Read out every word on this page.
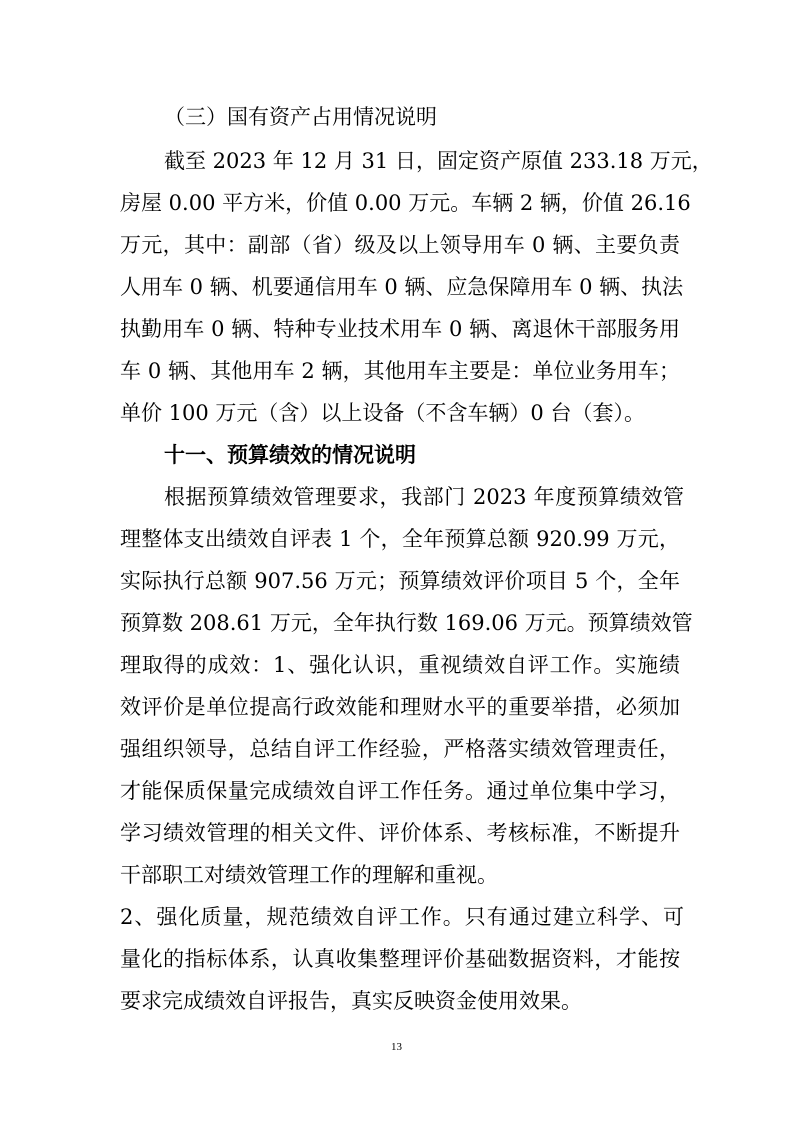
（三）国有资产占用情况说明
截至 2023 年 12 月 31 日，固定资产原值 233.18 万元，
房屋 0.00 平方米，价值 0.00 万元。车辆 2 辆，价值 26.16
万元，其中：副部（省）级及以上领导用车 0 辆、主要负责
人用车 0 辆、机要通信用车 0 辆、应急保障用车 0 辆、执法
执勤用车 0 辆、特种专业技术用车 0 辆、离退休干部服务用
车 0 辆、其他用车 2 辆，其他用车主要是：单位业务用车；
单价 100 万元（含）以上设备（不含车辆）0 台（套）。
十一、预算绩效的情况说明
根据预算绩效管理要求，我部门 2023 年度预算绩效管
理整体支出绩效自评表 1 个，全年预算总额 920.99 万元，
实际执行总额 907.56 万元；预算绩效评价项目 5 个，全年
预算数 208.61 万元，全年执行数 169.06 万元。预算绩效管
理取得的成效：1、强化认识，重视绩效自评工作。实施绩
效评价是单位提高行政效能和理财水平的重要举措，必须加
强组织领导，总结自评工作经验，严格落实绩效管理责任，
才能保质保量完成绩效自评工作任务。通过单位集中学习，
学习绩效管理的相关文件、评价体系、考核标准，不断提升
干部职工对绩效管理工作的理解和重视。
2、强化质量，规范绩效自评工作。只有通过建立科学、可
量化的指标体系，认真收集整理评价基础数据资料，才能按
要求完成绩效自评报告，真实反映资金使用效果。
13
